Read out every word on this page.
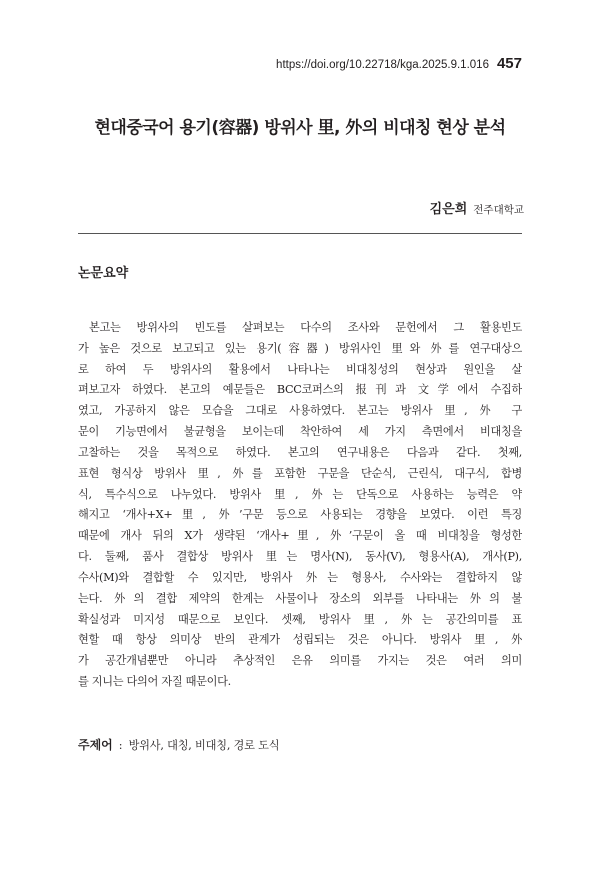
https://doi.org/10.22718/kga.2025.9.1.016 457
현대중국어 용기(容器) 방위사 里, 外의 비대칭 현상 분석
김은희 전주대학교
논문요약
본고는 방위사의 빈도를 살펴보는 다수의 조사와 문헌에서 그 활용빈도
가 높은 것으로 보고되고 있는 용기(容器) 방위사인 里와 外를 연구대상으
로 하여 두 방위사의 활용에서 나타나는 비대칭성의 현상과 원인을 살
펴보고자 하였다. 본고의 예문들은 BCC코퍼스의 报刊과 文学에서 수집하
였고, 가공하지 않은 모습을 그대로 사용하였다. 본고는 방위사 里, 外 구
문이 기능면에서 불균형을 보이는데 착안하여 세 가지 측면에서 비대칭을
고찰하는 것을 목적으로 하였다. 본고의 연구내용은 다음과 같다. 첫째,
표현 형식상 방위사 里, 外를 포함한 구문을 단순식, 근린식, 대구식, 합병
식, 특수식으로 나누었다. 방위사 里, 外는 단독으로 사용하는 능력은 약
해지고 ‘개사+X+里, 外’구문 등으로 사용되는 경향을 보였다. 이런 특징
때문에 개사 뒤의 X가 생략된 ‘개사+里, 外’구문이 올 때 비대칭을 형성한
다. 둘째, 품사 결합상 방위사 里는 명사(N), 동사(V), 형용사(A), 개사(P),
수사(M)와 결합할 수 있지만, 방위사 外는 형용사, 수사와는 결합하지 않
는다. 外의 결합 제약의 한계는 사물이나 장소의 외부를 나타내는 外의 불
확실성과 미지성 때문으로 보인다. 셋째, 방위사 里, 外는 공간의미를 표
현할 때 항상 의미상 반의 관계가 성립되는 것은 아니다. 방위사 里, 外
가 공간개념뿐만 아니라 추상적인 은유 의미를 가지는 것은 여러 의미
를 지니는 다의어 자질 때문이다.
주제어 : 방위사, 대칭, 비대칭, 경로 도식
